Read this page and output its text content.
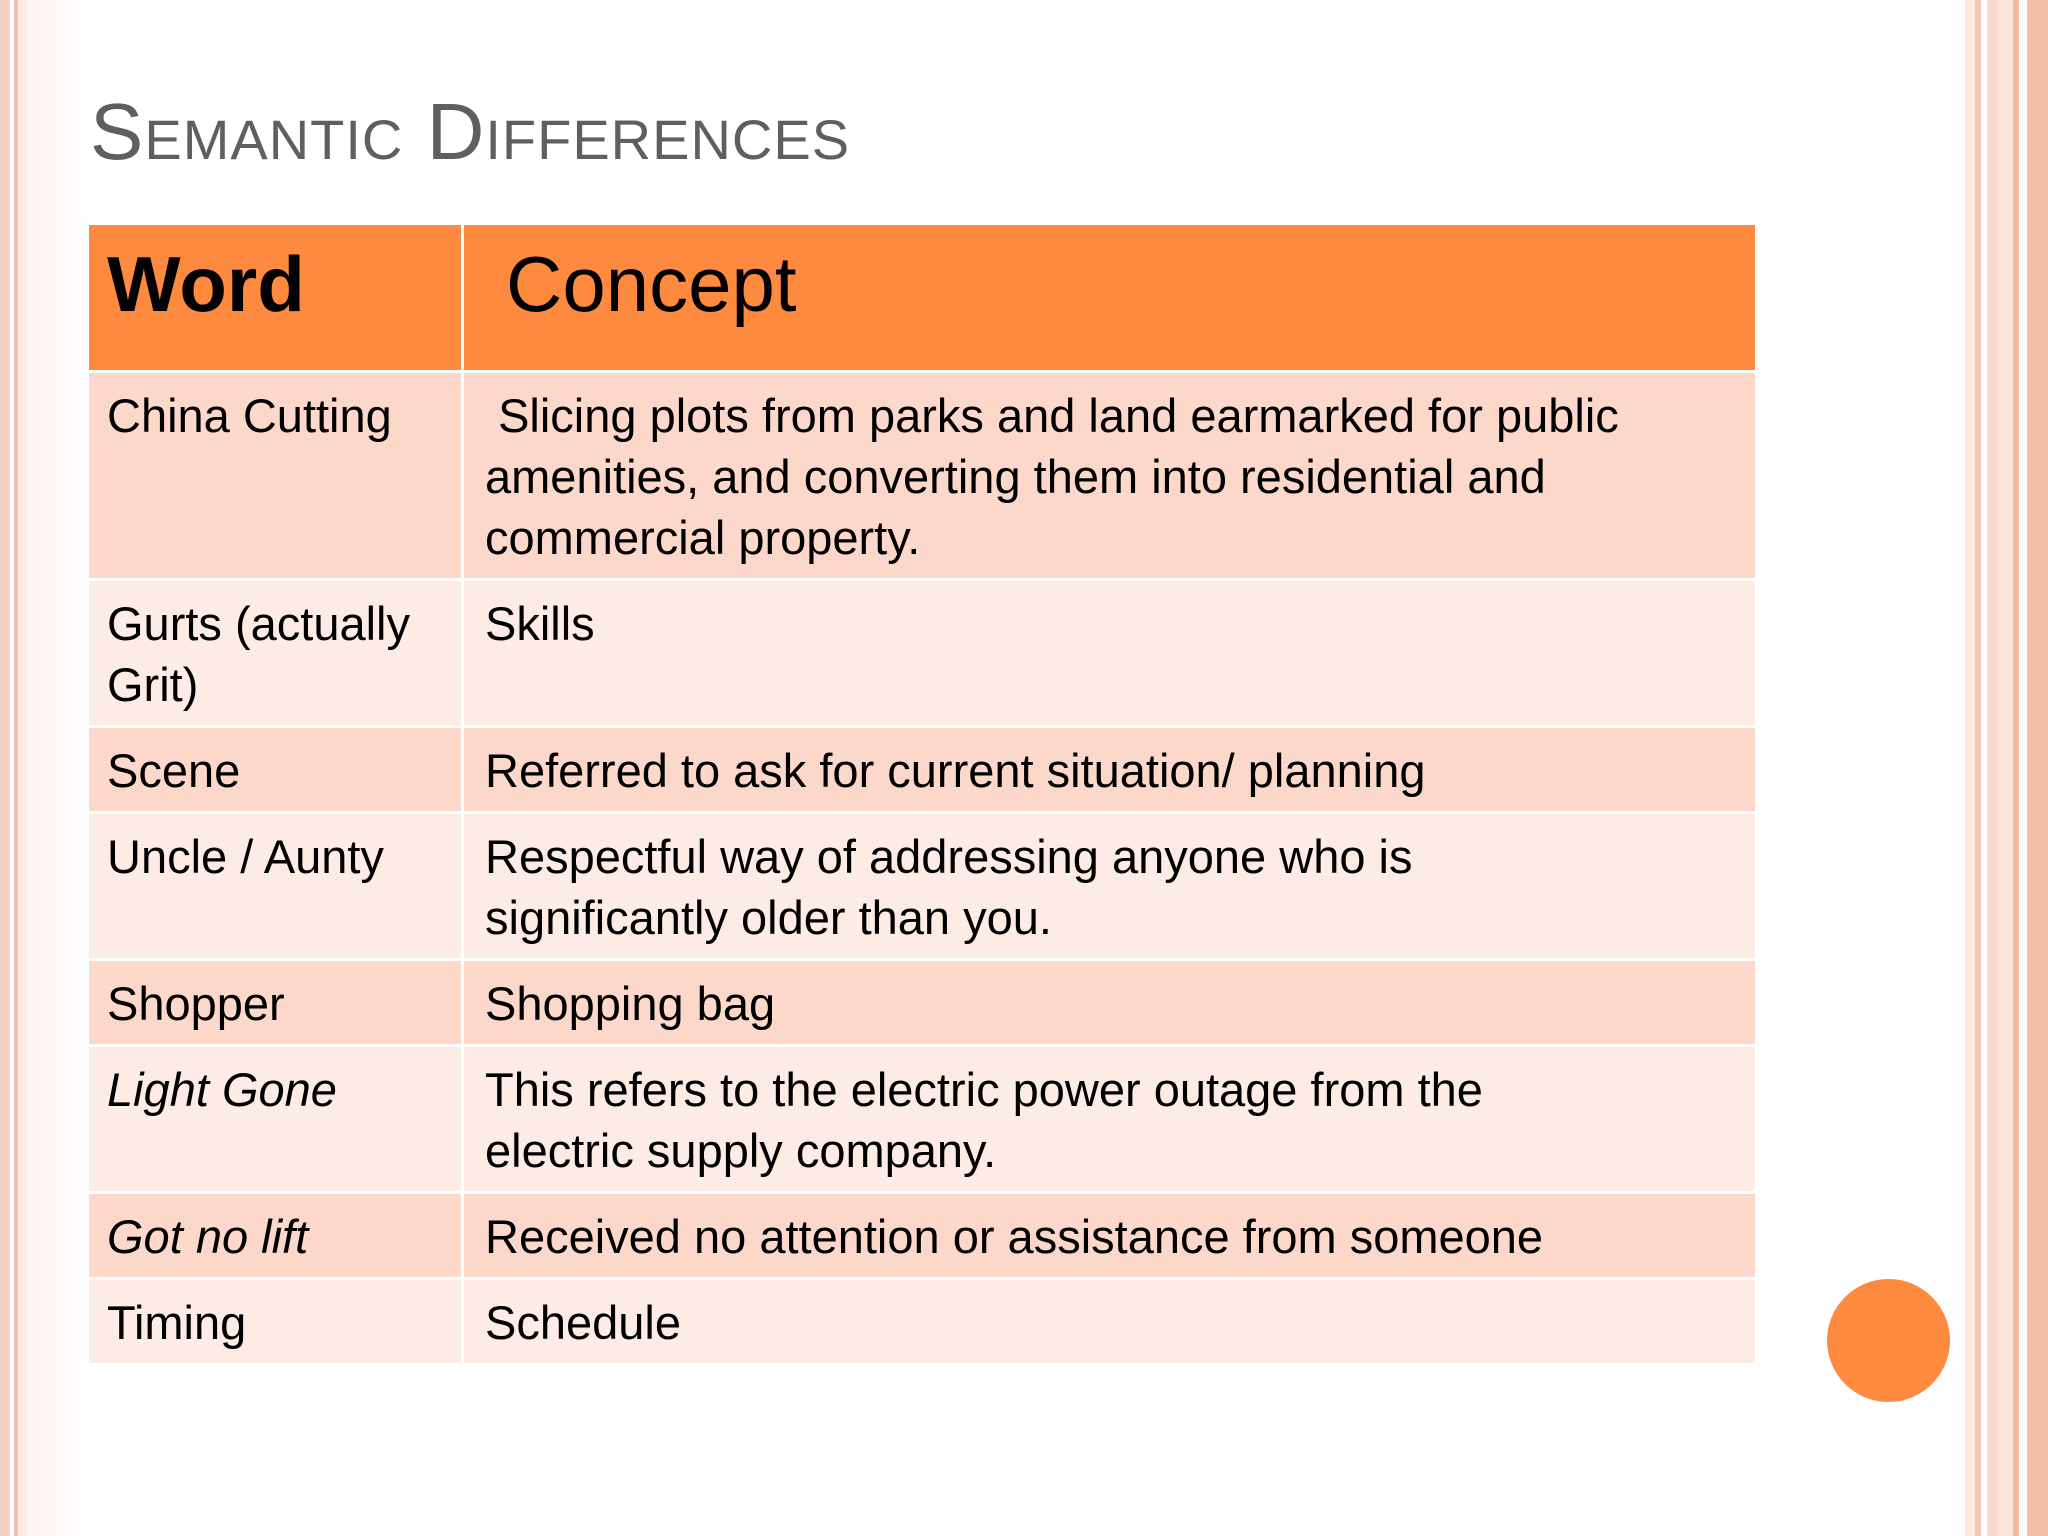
Semantic Differences
Word	Concept
China Cutting	Slicing plots from parks and land earmarked for public amenities, and converting them into residential and commercial property.
Gurts (actually Grit)	Skills
Scene	Referred to ask for current situation/ planning
Uncle / Aunty	Respectful way of addressing anyone who is significantly older than you.
Shopper	Shopping bag
Light Gone	This refers to the electric power outage from the electric supply company.
Got no lift	Received no attention or assistance from someone
Timing	Schedule
